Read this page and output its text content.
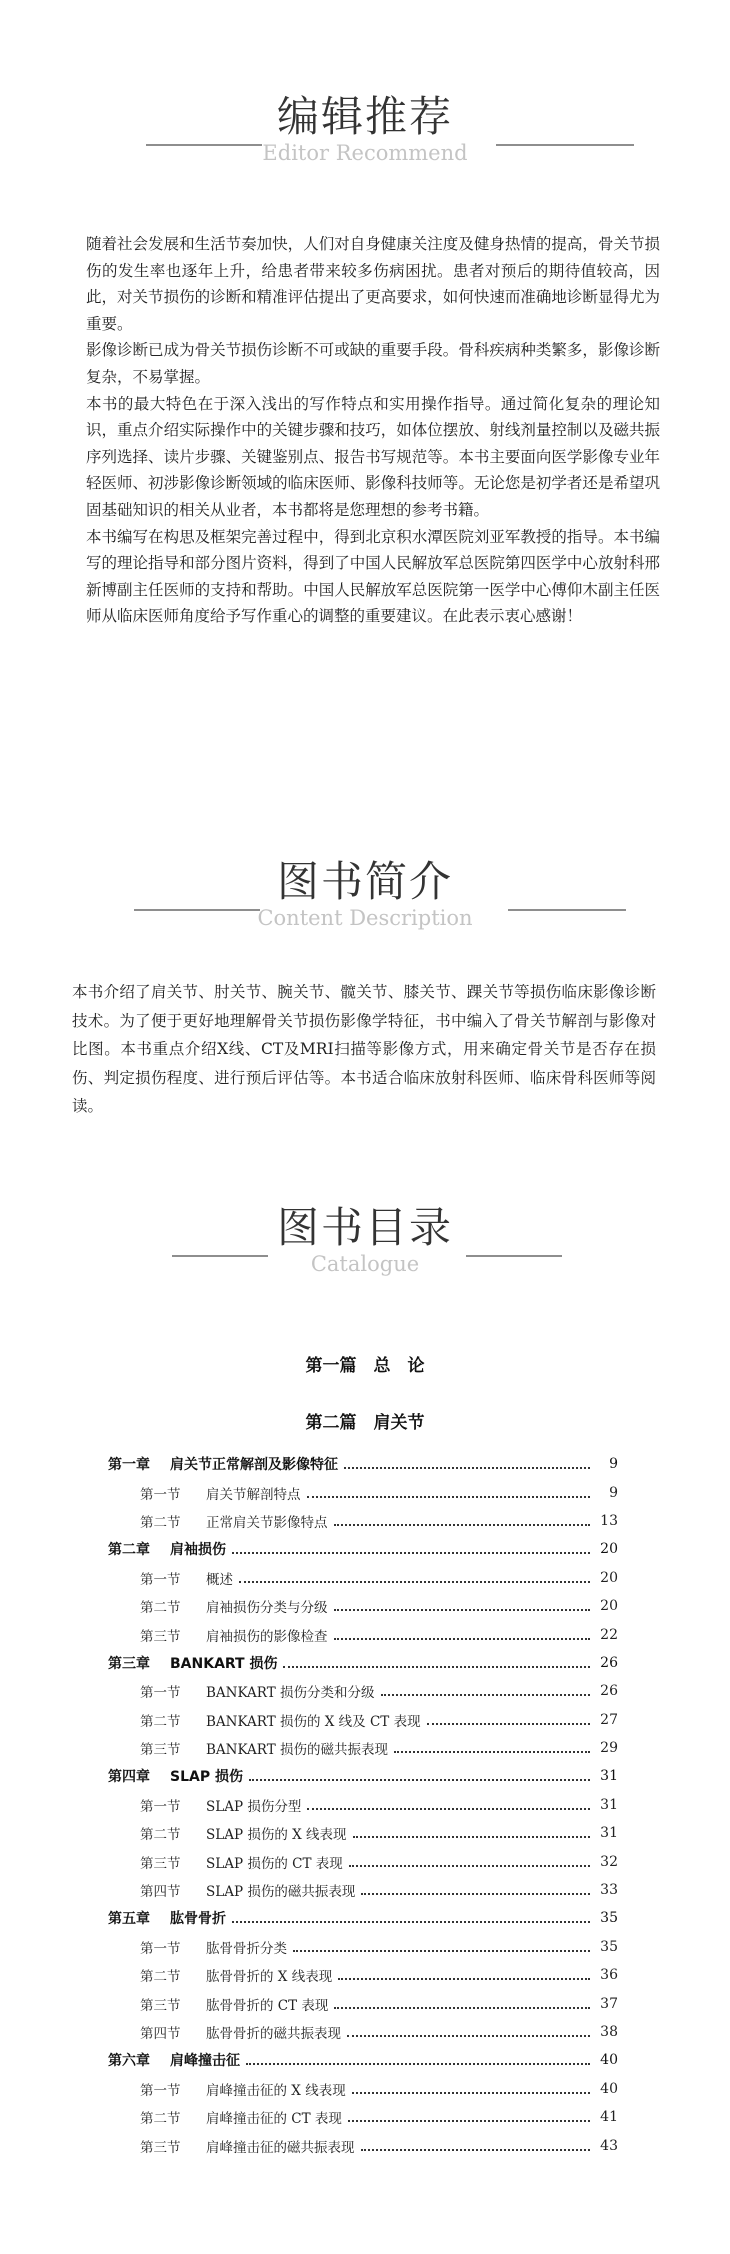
编辑推荐
Editor Recommend

随着社会发展和生活节奏加快，人们对自身健康关注度及健身热情的提高，骨关节损伤的发生率也逐年上升，给患者带来较多伤病困扰。患者对预后的期待值较高，因此，对关节损伤的诊断和精准评估提出了更高要求，如何快速而准确地诊断显得尤为重要。

影像诊断已成为骨关节损伤诊断不可或缺的重要手段。骨科疾病种类繁多，影像诊断复杂，不易掌握。

本书的最大特色在于深入浅出的写作特点和实用操作指导。通过简化复杂的理论知识，重点介绍实际操作中的关键步骤和技巧，如体位摆放、射线剂量控制以及磁共振序列选择、读片步骤、关键鉴别点、报告书写规范等。本书主要面向医学影像专业年轻医师、初涉影像诊断领域的临床医师、影像科技师等。无论您是初学者还是希望巩固基础知识的相关从业者，本书都将是您理想的参考书籍。

本书编写在构思及框架完善过程中，得到北京积水潭医院刘亚军教授的指导。本书编写的理论指导和部分图片资料，得到了中国人民解放军总医院第四医学中心放射科邢新博副主任医师的支持和帮助。中国人民解放军总医院第一医学中心傅仰木副主任医师从临床医师角度给予写作重心的调整的重要建议。在此表示衷心感谢！

图书简介
Content Description

本书介绍了肩关节、肘关节、腕关节、髋关节、膝关节、踝关节等损伤临床影像诊断技术。为了便于更好地理解骨关节损伤影像学特征，书中编入了骨关节解剖与影像对比图。本书重点介绍X线、CT及MRI扫描等影像方式，用来确定骨关节是否存在损伤、判定损伤程度、进行预后评估等。本书适合临床放射科医师、临床骨科医师等阅读。

图书目录
Catalogue
第一篇　总　论
第二篇　肩关节
第一章	肩关节正常解剖及影像特征	9
第一节	肩关节解剖特点	9
第二节	正常肩关节影像特点	13
第二章	肩袖损伤	20
第一节	概述	20
第二节	肩袖损伤分类与分级	20
第三节	肩袖损伤的影像检查	22
第三章	BANKART 损伤	26
第一节	BANKART 损伤分类和分级	26
第二节	BANKART 损伤的 X 线及 CT 表现	27
第三节	BANKART 损伤的磁共振表现	29
第四章	SLAP 损伤	31
第一节	SLAP 损伤分型	31
第二节	SLAP 损伤的 X 线表现	31
第三节	SLAP 损伤的 CT 表现	32
第四节	SLAP 损伤的磁共振表现	33
第五章	肱骨骨折	35
第一节	肱骨骨折分类	35
第二节	肱骨骨折的 X 线表现	36
第三节	肱骨骨折的 CT 表现	37
第四节	肱骨骨折的磁共振表现	38
第六章	肩峰撞击征	40
第一节	肩峰撞击征的 X 线表现	40
第二节	肩峰撞击征的 CT 表现	41
第三节	肩峰撞击征的磁共振表现	43
